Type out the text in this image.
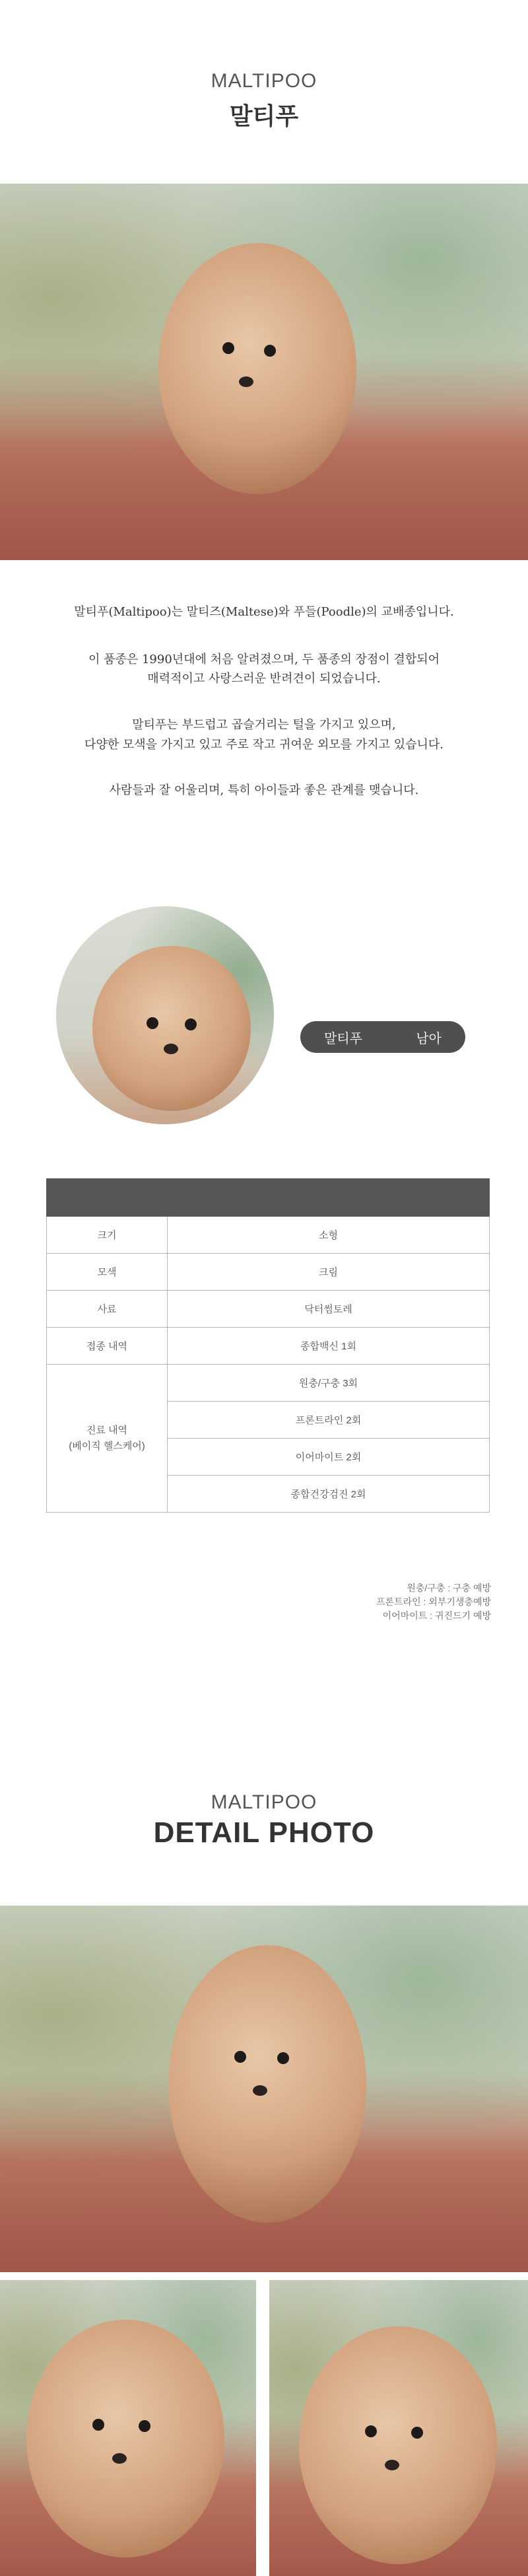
MALTIPOO
말티푸

말티푸(Maltipoo)는 말티즈(Maltese)와 푸들(Poodle)의 교배종입니다.

이 품종은 1990년대에 처음 알려졌으며, 두 품종의 장점이 결합되어
매력적이고 사랑스러운 반려견이 되었습니다.

말티푸는 부드럽고 곱슬거리는 털을 가지고 있으며,
다양한 모색을 가지고 있고 주로 작고 귀여운 외모를 가지고 있습니다.

사람들과 잘 어울리며, 특히 아이들과 좋은 관계를 맺습니다.

말티푸	남아

크기	소형
모색	크림
사료	닥터썸토레
접종 내역	종합백신 1회
진료 내역
(베이직 헬스케어)	원충/구충 3회
	프론트라인 2회
	이어마이트 2회
	종합건강검진 2회
원충/구충 : 구충 예방
프론트라인 : 외부기생충예방
이어마이트 : 귀진드기 예방
MALTIPOO
DETAIL PHOTO
